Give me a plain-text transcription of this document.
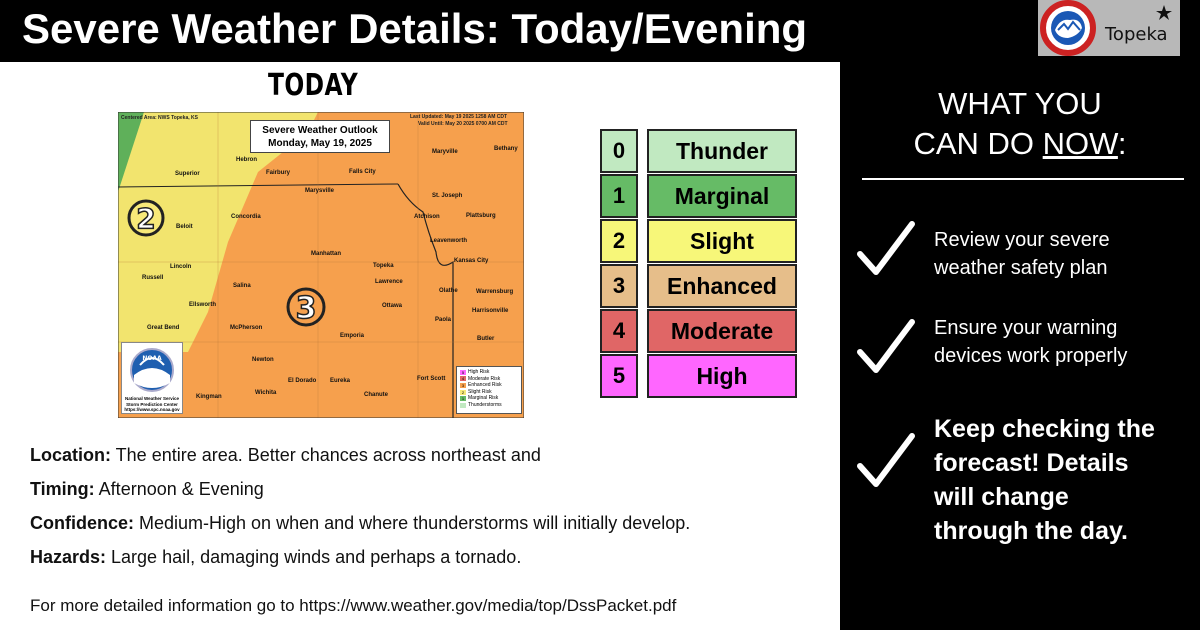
Severe Weather Details: Today/Evening	Topeka
TODAY
2
3
Centered Area: NWS Topeka, KS	Last Updated: May 19 2025 1258 AM CDT
Valid Until: May 20 2025 0700 AM CDT
Severe Weather Outlook
Monday, May 19, 2025
Maryville	Bethany
Hebron
Superior	Fairbury	Falls City
St. Joseph
Marysville
Concordia	Atchison	Plattsburg
Beloit
Leavenworth
Manhattan
Topeka
Kansas City
Lincoln
Russell
Lawrence
Olathe	Warrensburg
Salina
Ellsworth	Ottawa
Harrisonville
Paola
Great Bend	McPherson
Emporia	Butler
Newton
El Dorado Eureka	Fort Scott
Kingman
Wichita	Chanute
NOAA
National Weather Service
Storm Prediction Center
https://www.spc.noaa.gov
5 High Risk
4 Moderate Risk
3 Enhanced Risk
2 Slight Risk
1 Marginal Risk
Thunderstorms
0	Thunder
1	Marginal
2	Slight
3	Enhanced
4	Moderate
5	High
Location: The entire area. Better chances across northeast and
Timing: Afternoon & Evening
Confidence: Medium-High on when and where thunderstorms will initially develop.
Hazards: Large hail, damaging winds and perhaps a tornado.
For more detailed information go to https://www.weather.gov/media/top/DssPacket.pdf
WHAT YOU
CAN DO NOW:
Review your severe
weather safety plan
Ensure your warning
devices work properly
Keep checking the
forecast! Details
will change
through the day.
